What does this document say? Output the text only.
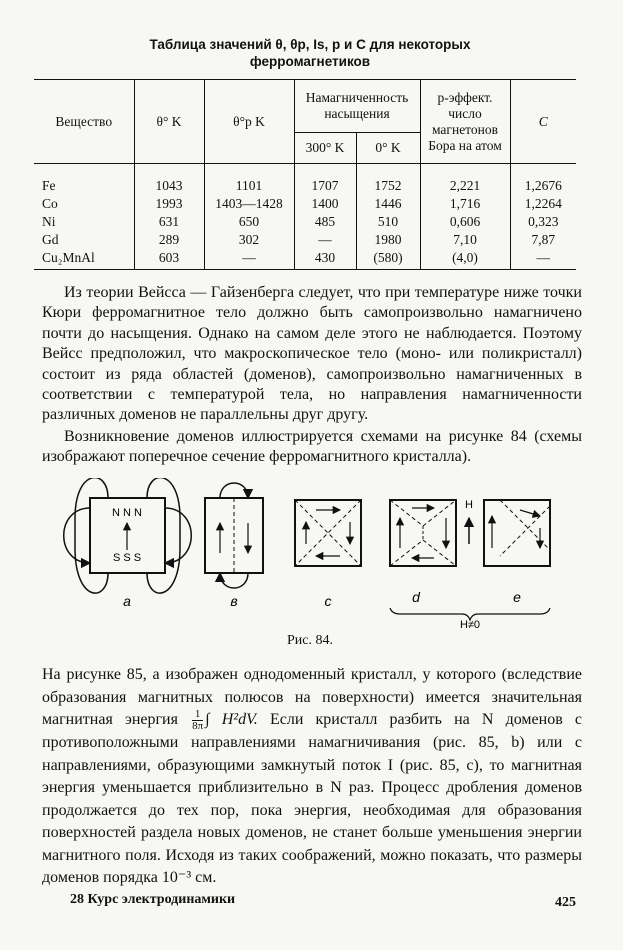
Таблица значений θ, θp, Is, p и C для некоторых
ферромагнетиков
Вещество	θ° K	θ°p K	Намагниченность насыщения		p-эффект. число магнетонов Бора на атом	C
			300° K	0° K		
Fe	1043	1101	1707	1752	2,221	1,2676
Co	1993	1403—1428	1400	1446	1,716	1,2264
Ni	631	650	485	510	0,606	0,323
Gd	289	302	—	1980	7,10	7,87
Cu₂MnAl	603	—	430	(580)	(4,0)	—

Из теории Вейсса — Гайзенберга следует, что при температуре ниже точки Кюри ферромагнитное тело должно быть самопроизвольно намагничено почти до насыщения. Однако на самом деле этого не наблюдается. Поэтому Вейсс предположил, что макроскопическое тело (моно- или поликристалл) состоит из ряда областей (доменов), самопроизвольно намагниченных в соответствии с температурой тела, но направления намагниченности различных доменов не параллельны друг другу.

Возникновение доменов иллюстрируется схемами на рисунке 84 (схемы изображают поперечное сечение ферромагнитного кристалла).

N N N
S S S
a	в	c	d
H
e
H≠0
Рис. 84.

На рисунке 85, a изображен однодоменный кристалл, у которого (вследствие образования магнитных полюсов на поверхности) имеется значительная магнитная энергия $\frac{1}{8\pi}$ ∫ H²dV. Если кристалл разбить на N доменов с противоположными направлениями намагничивания (рис. 85, b) или с направлениями, образующими замкнутый поток I (рис. 85, c), то магнитная энергия уменьшается приблизительно в N раз. Процесс дробления доменов продолжается до тех пор, пока энергия, необходимая для образования поверхностей раздела новых доменов, не станет больше уменьшения энергии магнитного поля. Исходя из таких соображений, можно показать, что размеры доменов порядка 10⁻³ см.

28 Курс электродинамики	425
